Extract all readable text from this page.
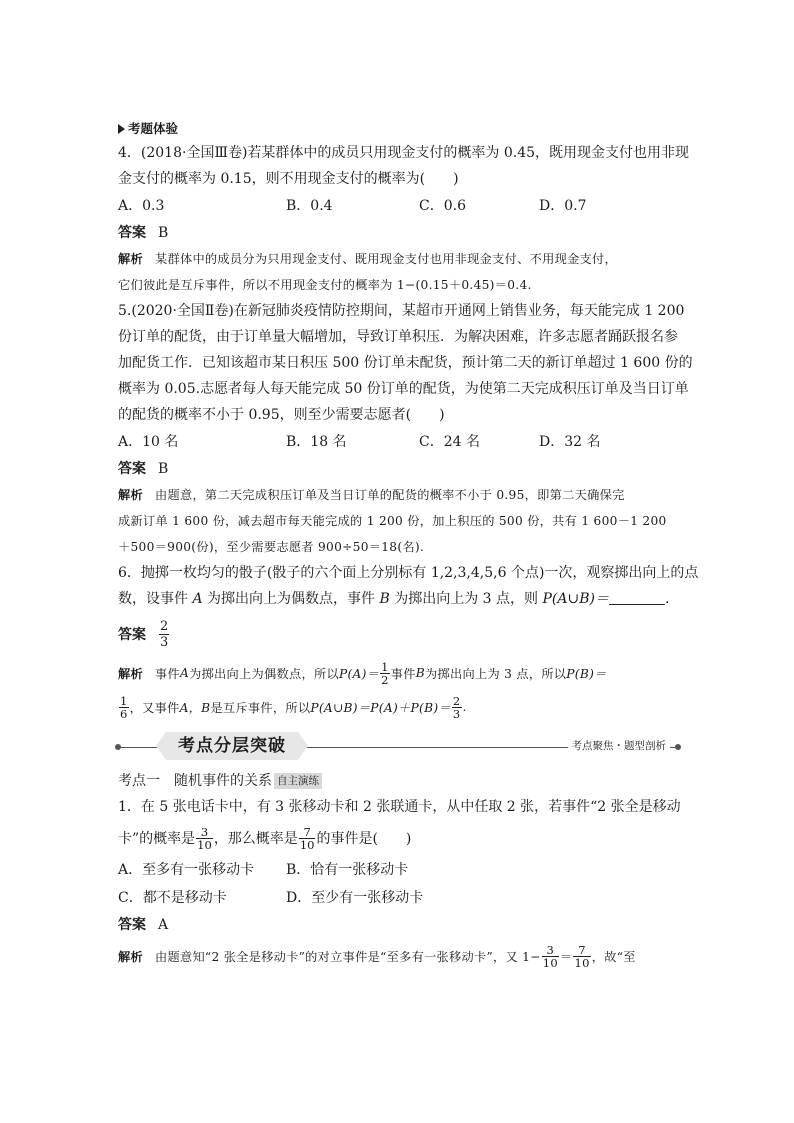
考题体验
4．(2018·全国Ⅲ卷)若某群体中的成员只用现金支付的概率为 0.45，既用现金支付也用非现
金支付的概率为 0.15，则不用现金支付的概率为(　　)
A．0.3	B．0.4	C．0.6	D．0.7
答案 B
解析 某群体中的成员分为只用现金支付、既用现金支付也用非现金支付、不用现金支付，
它们彼此是互斥事件，所以不用现金支付的概率为 1−(0.15＋0.45)＝0.4.
5.(2020·全国Ⅱ卷)在新冠肺炎疫情防控期间，某超市开通网上销售业务，每天能完成 1 200
份订单的配货，由于订单量大幅增加，导致订单积压．为解决困难，许多志愿者踊跃报名参
加配货工作．已知该超市某日积压 500 份订单未配货，预计第二天的新订单超过 1 600 份的
概率为 0.05.志愿者每人每天能完成 50 份订单的配货，为使第二天完成积压订单及当日订单
的配货的概率不小于 0.95，则至少需要志愿者(　　)
A．10 名	B．18 名	C．24 名	D．32 名
答案 B
解析 由题意，第二天完成积压订单及当日订单的配货的概率不小于 0.95，即第二天确保完
成新订单 1 600 份，减去超市每天能完成的 1 200 份，加上积压的 500 份，共有 1 600－1 200
＋500＝900(份)，至少需要志愿者 900÷50＝18(名).
6．抛掷一枚均匀的骰子(骰子的六个面上分别标有 1,2,3,4,5,6 个点)一次，观察掷出向上的点
数，设事件 A 为掷出向上为偶数点，事件 B 为掷出向上为 3 点，则 P(A∪B)＝	.
答案 $\frac{2}{3}$
解析 事件 A 为掷出向上为偶数点，所以 $P(A)= \frac{1}{2}$ 事件 B 为掷出向上为 3 点，所以 P(B)＝
$\frac{1}{6}$ ，又事件 A，B 是互斥事件，所以 P(A∪B)＝P(A)＋P(B)＝ $\frac{2}{3}$ .
考点分层突破	考点聚焦・题型剖析
考点一　随机事件的关系 自主演练
1．在 5 张电话卡中，有 3 张移动卡和 2 张联通卡，从中任取 2 张，若事件“2 张全是移动
卡”的概率是 $\frac{3}{10}$ ，那么概率是 $\frac{7}{10}$ 的事件是(　　)
A．至多有一张移动卡	B．恰有一张移动卡
C．都不是移动卡	D．至少有一张移动卡
答案 A
解析 由题意知“2 张全是移动卡”的对立事件是“至多有一张移动卡”，又 $1- \frac{3}{10} = \frac{7}{10}$ ，故“至
